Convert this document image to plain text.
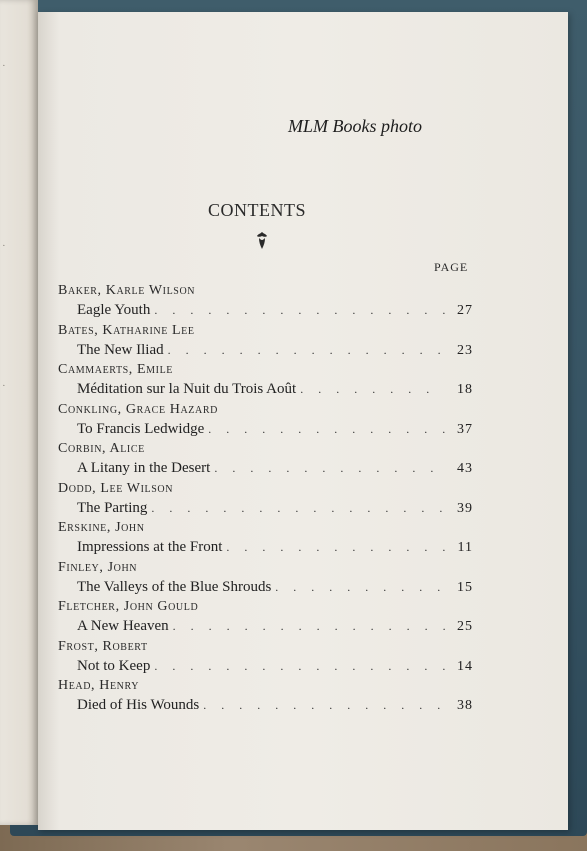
·
·
·
MLM Books photo
CONTENTS
PAGE
Baker, Karle Wilson
Eagle Youth . . .	27
Bates, Katharine Lee
The New Iliad . . .	23
Cammaerts, Emile
Méditation sur la Nuit du Trois Août . . .	18
Conkling, Grace Hazard
To Francis Ledwidge . . .	37
Corbin, Alice
A Litany in the Desert . . .	43
Dodd, Lee Wilson
The Parting . . .	39
Erskine, John
Impressions at the Front . . .	11
Finley, John
The Valleys of the Blue Shrouds . . .	15
Fletcher, John Gould
A New Heaven . . .	25
Frost, Robert
Not to Keep . . .	14
Head, Henry
Died of His Wounds . . .	38
